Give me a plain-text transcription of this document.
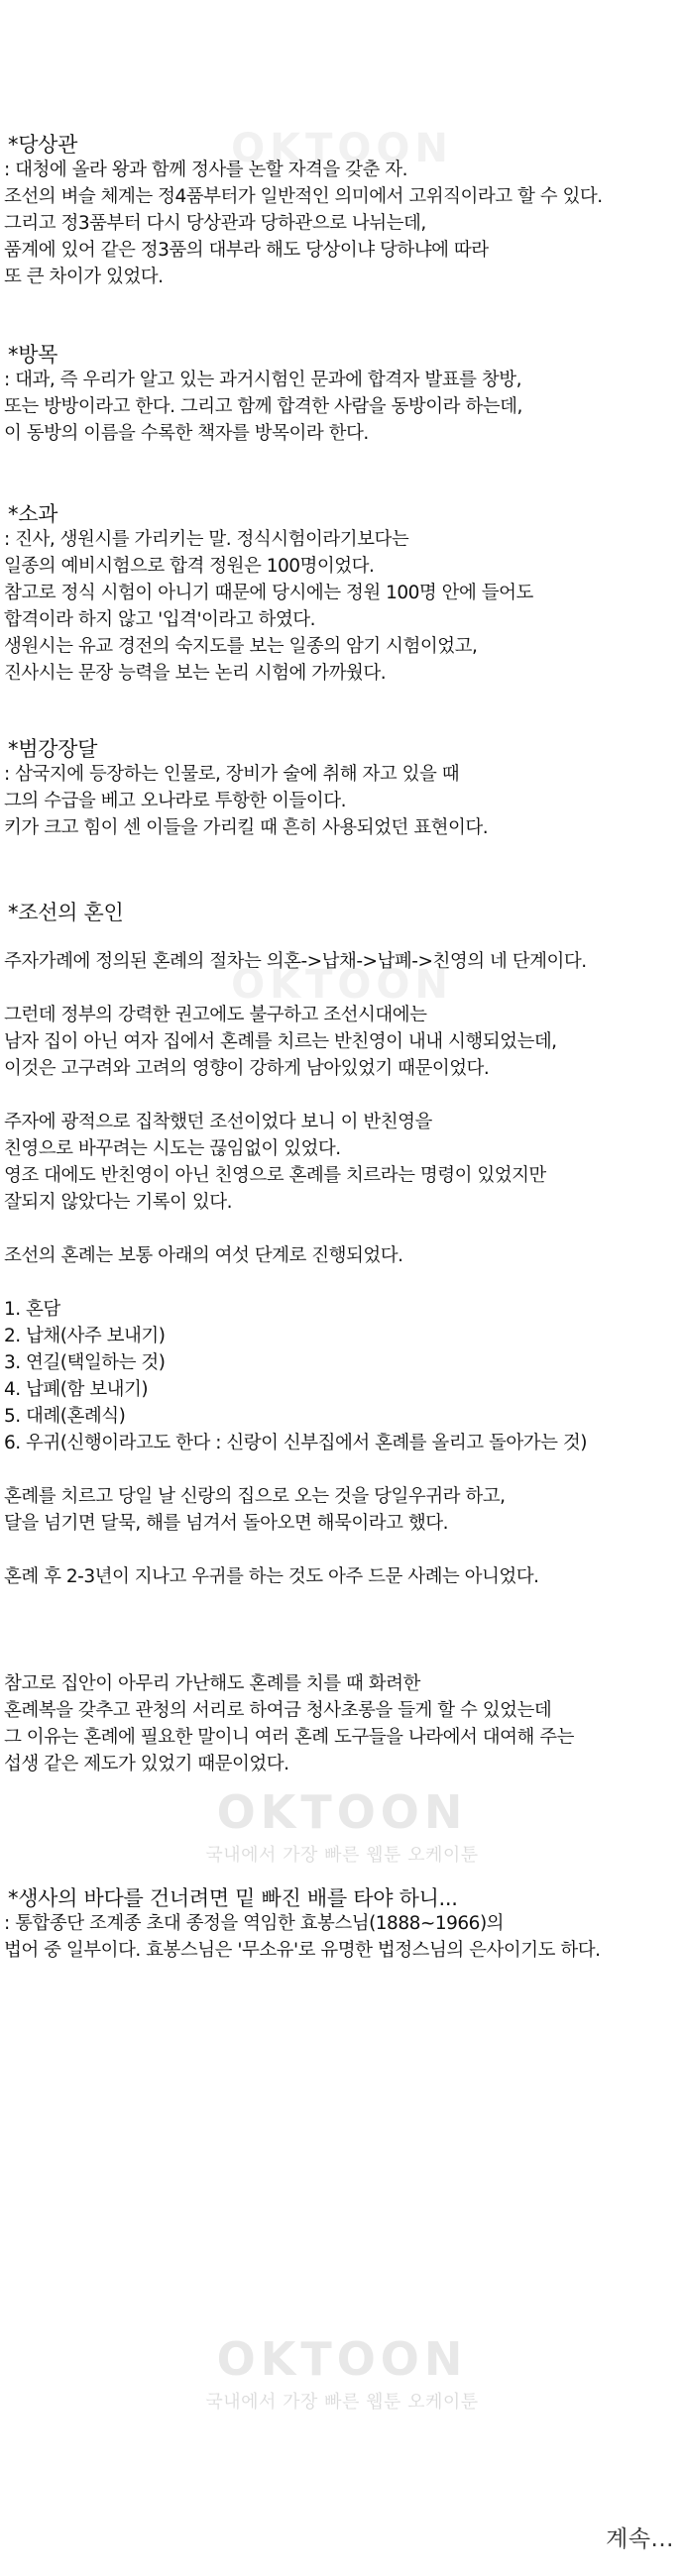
OKTOON

OKTOON

OKTOON

국내에서 가장 빠른 웹툰 오케이툰

OKTOON

국내에서 가장 빠른 웹툰 오케이툰

*당상관

: 대청에 올라 왕과 함께 정사를 논할 자격을 갖춘 자.

조선의 벼슬 체계는 정4품부터가 일반적인 의미에서 고위직이라고 할 수 있다.

그리고 정3품부터 다시 당상관과 당하관으로 나뉘는데,

품계에 있어 같은 정3품의 대부라 해도 당상이냐 당하냐에 따라

또 큰 차이가 있었다.

*방목

: 대과, 즉 우리가 알고 있는 과거시험인 문과에 합격자 발표를 창방,

또는 방방이라고 한다. 그리고 함께 합격한 사람을 동방이라 하는데,

이 동방의 이름을 수록한 책자를 방목이라 한다.

*소과

: 진사, 생원시를 가리키는 말. 정식시험이라기보다는

일종의 예비시험으로 합격 정원은 100명이었다.

참고로 정식 시험이 아니기 때문에 당시에는 정원 100명 안에 들어도

합격이라 하지 않고 '입격'이라고 하였다.

생원시는 유교 경전의 숙지도를 보는 일종의 암기 시험이었고,

진사시는 문장 능력을 보는 논리 시험에 가까웠다.

*범강장달

: 삼국지에 등장하는 인물로, 장비가 술에 취해 자고 있을 때

그의 수급을 베고 오나라로 투항한 이들이다.

키가 크고 힘이 센 이들을 가리킬 때 흔히 사용되었던 표현이다.

*조선의 혼인

주자가례에 정의된 혼례의 절차는 의혼->납채->납폐->친영의 네 단계이다.

그런데 정부의 강력한 권고에도 불구하고 조선시대에는

남자 집이 아닌 여자 집에서 혼례를 치르는 반친영이 내내 시행되었는데,

이것은 고구려와 고려의 영향이 강하게 남아있었기 때문이었다.

주자에 광적으로 집착했던 조선이었다 보니 이 반친영을

친영으로 바꾸려는 시도는 끊임없이 있었다.

영조 대에도 반친영이 아닌 친영으로 혼례를 치르라는 명령이 있었지만

잘되지 않았다는 기록이 있다.

조선의 혼례는 보통 아래의 여섯 단계로 진행되었다.

1. 혼담

2. 납채(사주 보내기)

3. 연길(택일하는 것)

4. 납폐(함 보내기)

5. 대례(혼례식)

6. 우귀(신행이라고도 한다 : 신랑이 신부집에서 혼례를 올리고 돌아가는 것)

혼례를 치르고 당일 날 신랑의 집으로 오는 것을 당일우귀라 하고,

달을 넘기면 달묵, 해를 넘겨서 돌아오면 해묵이라고 했다.

혼례 후 2-3년이 지나고 우귀를 하는 것도 아주 드문 사례는 아니었다.

참고로 집안이 아무리 가난해도 혼례를 치를 때 화려한

혼례복을 갖추고 관청의 서리로 하여금 청사초롱을 들게 할 수 있었는데

그 이유는 혼례에 필요한 말이니 여러 혼례 도구들을 나라에서 대여해 주는

섭생 같은 제도가 있었기 때문이었다.

*생사의 바다를 건너려면 밑 빠진 배를 타야 하니...

: 통합종단 조계종 초대 종정을 역임한 효봉스님(1888~1966)의

법어 중 일부이다. 효봉스님은 '무소유'로 유명한 법정스님의 은사이기도 하다.

계속...
